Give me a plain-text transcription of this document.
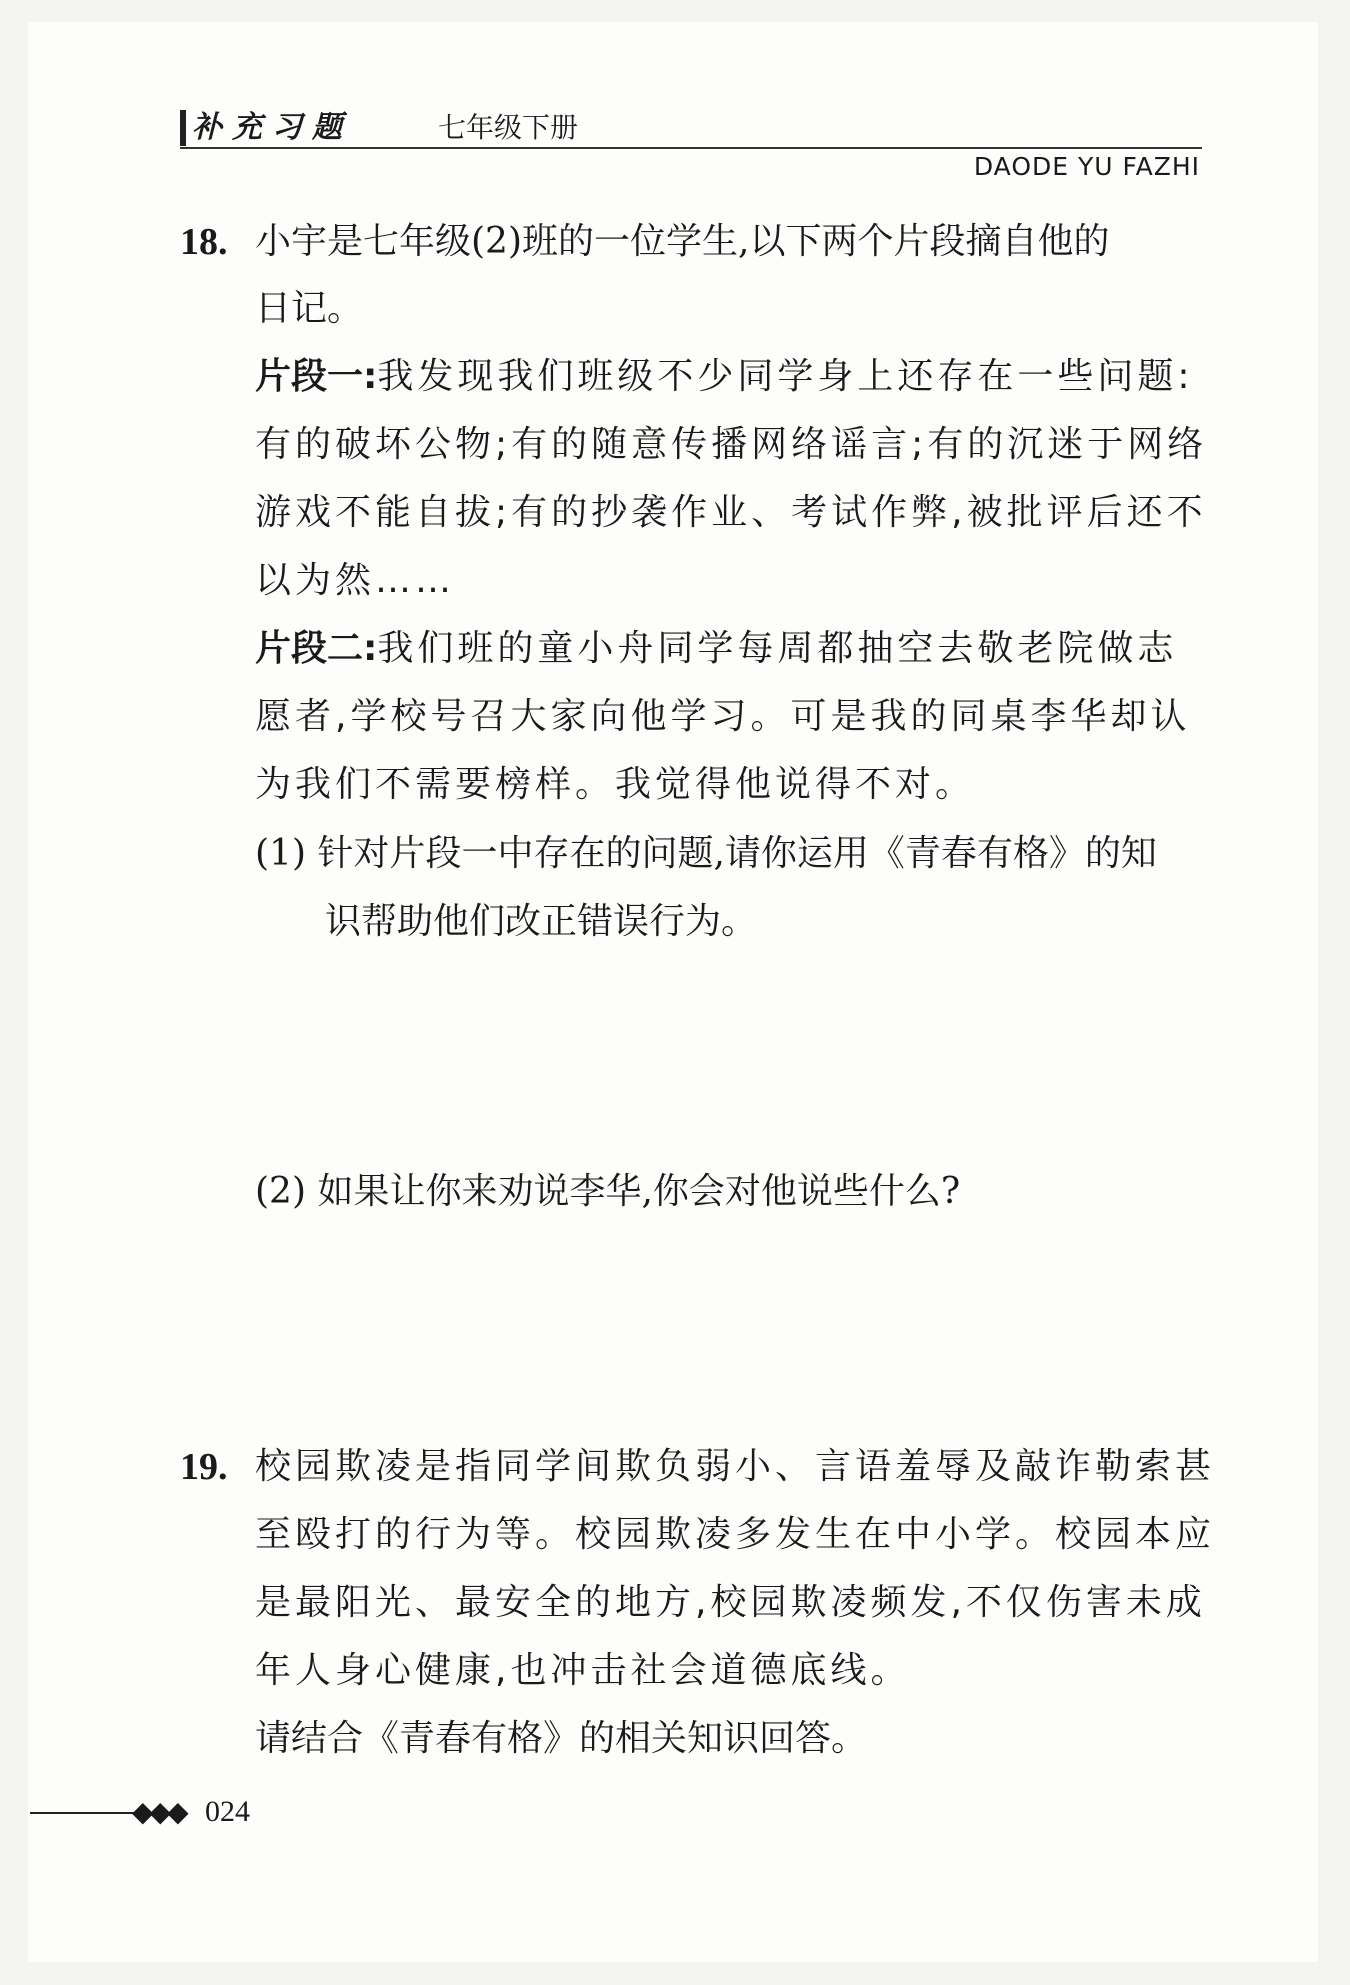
补充习题	七年级下册
DAODE YU FAZHI
18. 小宇是七年级(2)班的一位学生,以下两个片段摘自他的
日记。
片段一:我发现我们班级不少同学身上还存在一些问题:
有的破坏公物;有的随意传播网络谣言;有的沉迷于网络
游戏不能自拔;有的抄袭作业、考试作弊,被批评后还不
以为然……
片段二:我们班的童小舟同学每周都抽空去敬老院做志
愿者,学校号召大家向他学习。可是我的同桌李华却认
为我们不需要榜样。我觉得他说得不对。
(1) 针对片段一中存在的问题,请你运用《青春有格》的知
识帮助他们改正错误行为。
(2) 如果让你来劝说李华,你会对他说些什么?
19. 校园欺凌是指同学间欺负弱小、言语羞辱及敲诈勒索甚
至殴打的行为等。校园欺凌多发生在中小学。校园本应
是最阳光、最安全的地方,校园欺凌频发,不仅伤害未成
年人身心健康,也冲击社会道德底线。
请结合《青春有格》的相关知识回答。
◆◆◆ 024
